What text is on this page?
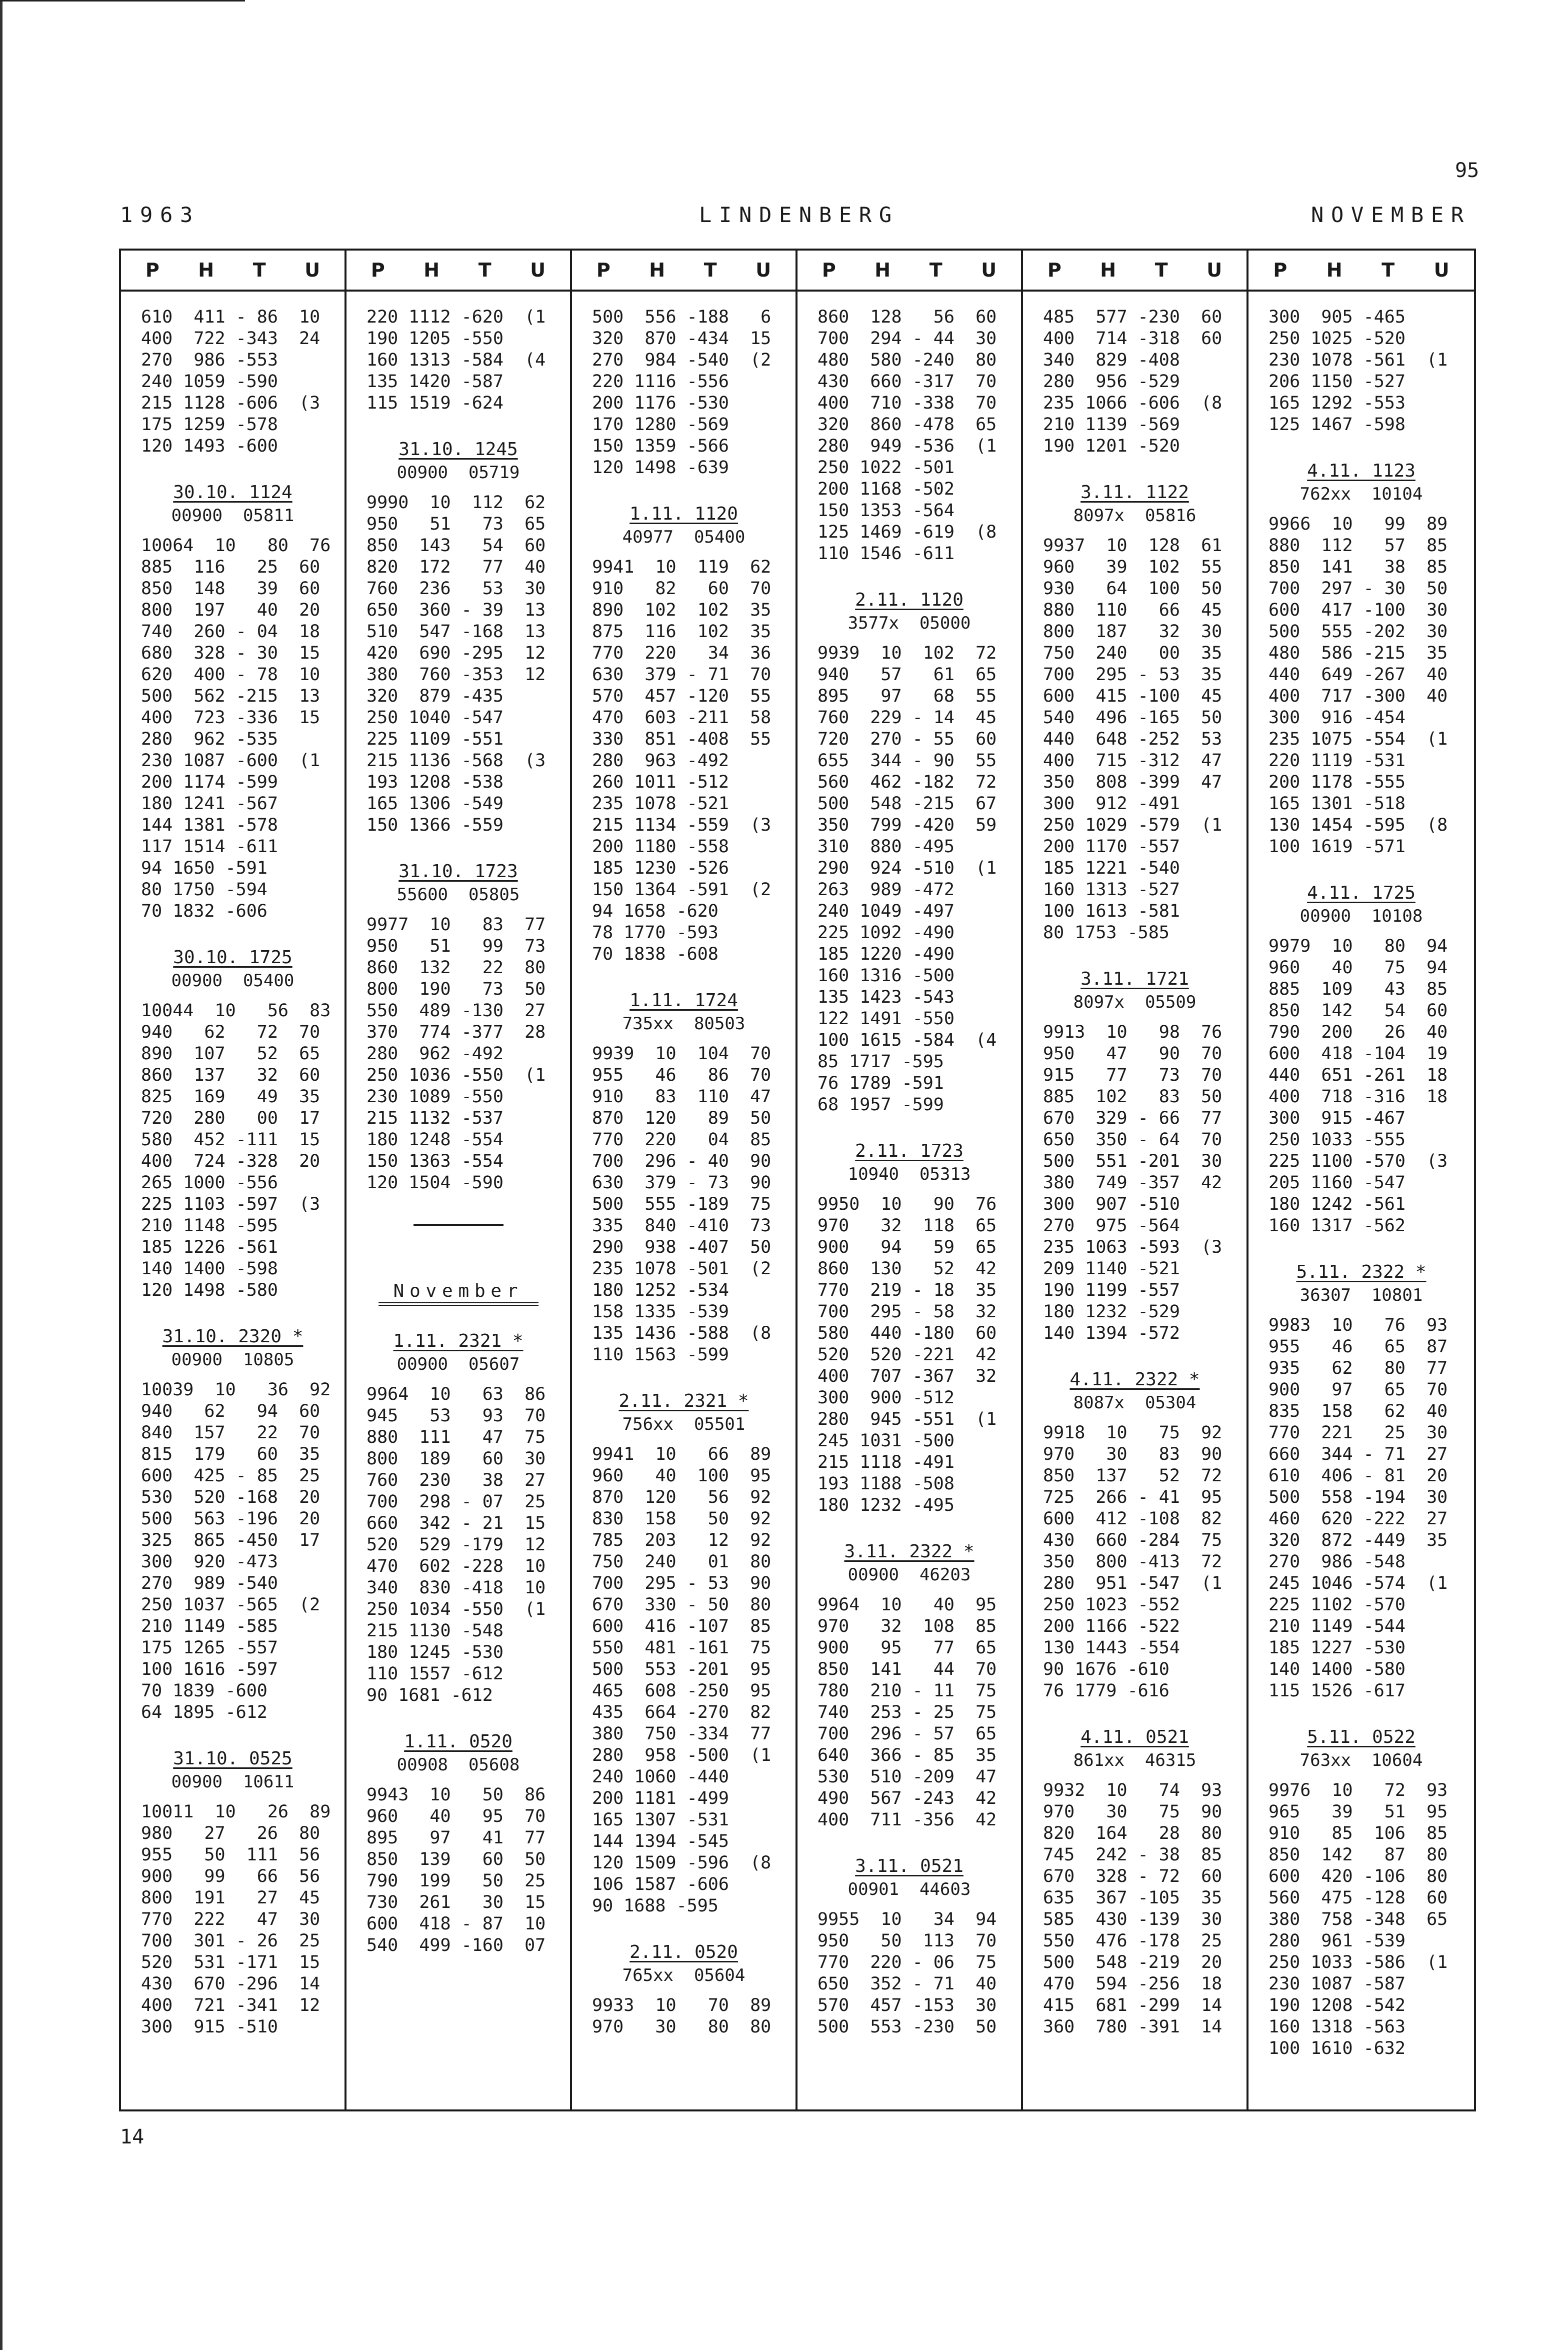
95
1963	LINDENBERG	NOVEMBER
P H T U
610  411 - 86  10
400  722 -343  24
270  986 -553
240 1059 -590
215 1128 -606  (3
175 1259 -578
120 1493 -600
30.10. 1124
00900  05811
10064  10   80  76
885  116   25  60
850  148   39  60
800  197   40  20
740  260 - 04  18
680  328 - 30  15
620  400 - 78  10
500  562 -215  13
400  723 -336  15
280  962 -535
230 1087 -600  (1
200 1174 -599
180 1241 -567
144 1381 -578
117 1514 -611
94 1650 -591
80 1750 -594
70 1832 -606
30.10. 1725
00900  05400
10044  10   56  83
940   62   72  70
890  107   52  65
860  137   32  60
825  169   49  35
720  280   00  17
580  452 -111  15
400  724 -328  20
265 1000 -556
225 1103 -597  (3
210 1148 -595
185 1226 -561
140 1400 -598
120 1498 -580
31.10. 2320 *
00900  10805
10039  10   36  92
940   62   94  60
840  157   22  70
815  179   60  35
600  425 - 85  25
530  520 -168  20
500  563 -196  20
325  865 -450  17
300  920 -473
270  989 -540
250 1037 -565  (2
210 1149 -585
175 1265 -557
100 1616 -597
70 1839 -600
64 1895 -612
31.10. 0525
00900  10611
10011  10   26  89
980   27   26  80
955   50  111  56
900   99   66  56
800  191   27  45
770  222   47  30
700  301 - 26  25
520  531 -171  15
430  670 -296  14
400  721 -341  12
300  915 -510
P H T U
220 1112 -620  (1
190 1205 -550
160 1313 -584  (4
135 1420 -587
115 1519 -624
31.10. 1245
00900  05719
9990  10  112  62
950   51   73  65
850  143   54  60
820  172   77  40
760  236   53  30
650  360 - 39  13
510  547 -168  13
420  690 -295  12
380  760 -353  12
320  879 -435
250 1040 -547
225 1109 -551
215 1136 -568  (3
193 1208 -538
165 1306 -549
150 1366 -559
31.10. 1723
55600  05805
9977  10   83  77
950   51   99  73
860  132   22  80
800  190   73  50
550  489 -130  27
370  774 -377  28
280  962 -492
250 1036 -550  (1
230 1089 -550
215 1132 -537
180 1248 -554
150 1363 -554
120 1504 -590
November
1.11. 2321 *
00900  05607
9964  10   63  86
945   53   93  70
880  111   47  75
800  189   60  30
760  230   38  27
700  298 - 07  25
660  342 - 21  15
520  529 -179  12
470  602 -228  10
340  830 -418  10
250 1034 -550  (1
215 1130 -548
180 1245 -530
110 1557 -612
90 1681 -612
1.11. 0520
00908  05608
9943  10   50  86
960   40   95  70
895   97   41  77
850  139   60  50
790  199   50  25
730  261   30  15
600  418 - 87  10
540  499 -160  07
P H T U
500  556 -188   6
320  870 -434  15
270  984 -540  (2
220 1116 -556
200 1176 -530
170 1280 -569
150 1359 -566
120 1498 -639
1.11. 1120
40977  05400
9941  10  119  62
910   82   60  70
890  102  102  35
875  116  102  35
770  220   34  36
630  379 - 71  70
570  457 -120  55
470  603 -211  58
330  851 -408  55
280  963 -492
260 1011 -512
235 1078 -521
215 1134 -559  (3
200 1180 -558
185 1230 -526
150 1364 -591  (2
94 1658 -620
78 1770 -593
70 1838 -608
1.11. 1724
735xx  80503
9939  10  104  70
955   46   86  70
910   83  110  47
870  120   89  50
770  220   04  85
700  296 - 40  90
630  379 - 73  90
500  555 -189  75
335  840 -410  73
290  938 -407  50
235 1078 -501  (2
180 1252 -534
158 1335 -539
135 1436 -588  (8
110 1563 -599
2.11. 2321 *
756xx  05501
9941  10   66  89
960   40  100  95
870  120   56  92
830  158   50  92
785  203   12  92
750  240   01  80
700  295 - 53  90
670  330 - 50  80
600  416 -107  85
550  481 -161  75
500  553 -201  95
465  608 -250  95
435  664 -270  82
380  750 -334  77
280  958 -500  (1
240 1060 -440
200 1181 -499
165 1307 -531
144 1394 -545
120 1509 -596  (8
106 1587 -606
90 1688 -595
2.11. 0520
765xx  05604
9933  10   70  89
970   30   80  80
P H T U
860  128   56  60
700  294 - 44  30
480  580 -240  80
430  660 -317  70
400  710 -338  70
320  860 -478  65
280  949 -536  (1
250 1022 -501
200 1168 -502
150 1353 -564
125 1469 -619  (8
110 1546 -611
2.11. 1120
3577x  05000
9939  10  102  72
940   57   61  65
895   97   68  55
760  229 - 14  45
720  270 - 55  60
655  344 - 90  55
560  462 -182  72
500  548 -215  67
350  799 -420  59
310  880 -495
290  924 -510  (1
263  989 -472
240 1049 -497
225 1092 -490
185 1220 -490
160 1316 -500
135 1423 -543
122 1491 -550
100 1615 -584  (4
85 1717 -595
76 1789 -591
68 1957 -599
2.11. 1723
10940  05313
9950  10   90  76
970   32  118  65
900   94   59  65
860  130   52  42
770  219 - 18  35
700  295 - 58  32
580  440 -180  60
520  520 -221  42
400  707 -367  32
300  900 -512
280  945 -551  (1
245 1031 -500
215 1118 -491
193 1188 -508
180 1232 -495
3.11. 2322 *
00900  46203
9964  10   40  95
970   32  108  85
900   95   77  65
850  141   44  70
780  210 - 11  75
740  253 - 25  75
700  296 - 57  65
640  366 - 85  35
530  510 -209  47
490  567 -243  42
400  711 -356  42
3.11. 0521
00901  44603
9955  10   34  94
950   50  113  70
770  220 - 06  75
650  352 - 71  40
570  457 -153  30
500  553 -230  50
P H T U
485  577 -230  60
400  714 -318  60
340  829 -408
280  956 -529
235 1066 -606  (8
210 1139 -569
190 1201 -520
3.11. 1122
8097x  05816
9937  10  128  61
960   39  102  55
930   64  100  50
880  110   66  45
800  187   32  30
750  240   00  35
700  295 - 53  35
600  415 -100  45
540  496 -165  50
440  648 -252  53
400  715 -312  47
350  808 -399  47
300  912 -491
250 1029 -579  (1
200 1170 -557
185 1221 -540
160 1313 -527
100 1613 -581
80 1753 -585
3.11. 1721
8097x  05509
9913  10   98  76
950   47   90  70
915   77   73  70
885  102   83  50
670  329 - 66  77
650  350 - 64  70
500  551 -201  30
380  749 -357  42
300  907 -510
270  975 -564
235 1063 -593  (3
209 1140 -521
190 1199 -557
180 1232 -529
140 1394 -572
4.11. 2322 *
8087x  05304
9918  10   75  92
970   30   83  90
850  137   52  72
725  266 - 41  95
600  412 -108  82
430  660 -284  75
350  800 -413  72
280  951 -547  (1
250 1023 -552
200 1166 -522
130 1443 -554
90 1676 -610
76 1779 -616
4.11. 0521
861xx  46315
9932  10   74  93
970   30   75  90
820  164   28  80
745  242 - 38  85
670  328 - 72  60
635  367 -105  35
585  430 -139  30
550  476 -178  25
500  548 -219  20
470  594 -256  18
415  681 -299  14
360  780 -391  14
P H T U
300  905 -465
250 1025 -520
230 1078 -561  (1
206 1150 -527
165 1292 -553
125 1467 -598
4.11. 1123
762xx  10104
9966  10   99  89
880  112   57  85
850  141   38  85
700  297 - 30  50
600  417 -100  30
500  555 -202  30
480  586 -215  35
440  649 -267  40
400  717 -300  40
300  916 -454
235 1075 -554  (1
220 1119 -531
200 1178 -555
165 1301 -518
130 1454 -595  (8
100 1619 -571
4.11. 1725
00900  10108
9979  10   80  94
960   40   75  94
885  109   43  85
850  142   54  60
790  200   26  40
600  418 -104  19
440  651 -261  18
400  718 -316  18
300  915 -467
250 1033 -555
225 1100 -570  (3
205 1160 -547
180 1242 -561
160 1317 -562
5.11. 2322 *
36307  10801
9983  10   76  93
955   46   65  87
935   62   80  77
900   97   65  70
835  158   62  40
770  221   25  30
660  344 - 71  27
610  406 - 81  20
500  558 -194  30
460  620 -222  27
320  872 -449  35
270  986 -548
245 1046 -574  (1
225 1102 -570
210 1149 -544
185 1227 -530
140 1400 -580
115 1526 -617
5.11. 0522
763xx  10604
9976  10   72  93
965   39   51  95
910   85  106  85
850  142   87  80
600  420 -106  80
560  475 -128  60
380  758 -348  65
280  961 -539
250 1033 -586  (1
230 1087 -587
190 1208 -542
160 1318 -563
100 1610 -632
14
